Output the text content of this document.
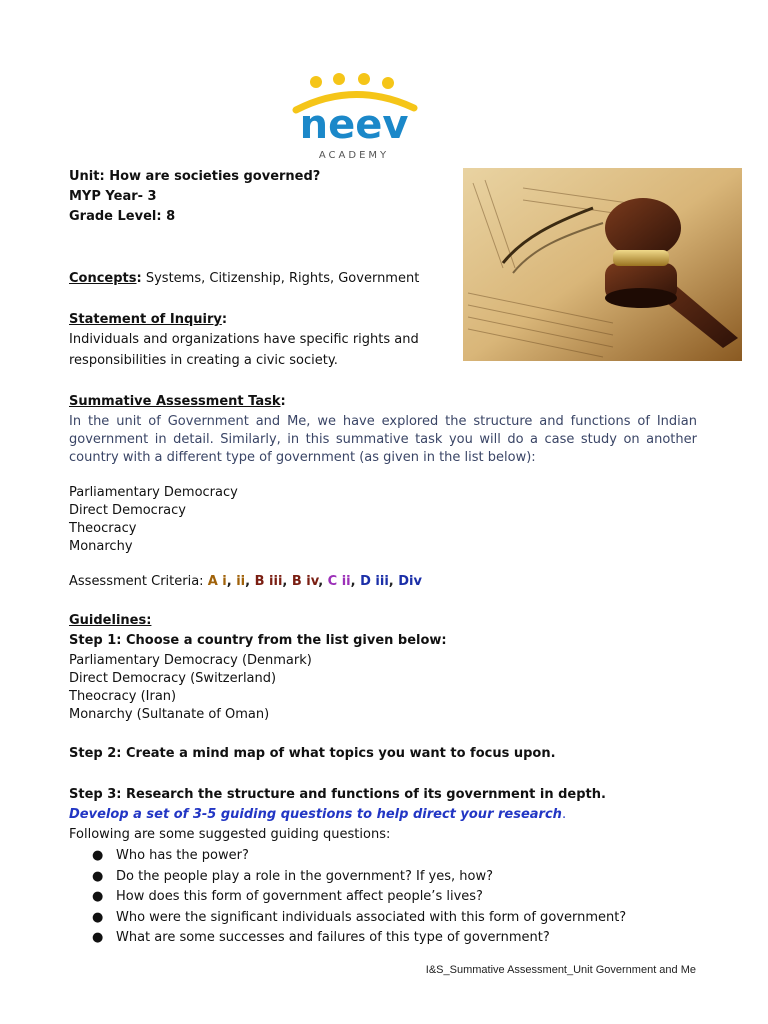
neev
ACADEMY
Unit: How are societies governed?
MYP Year- 3
Grade Level: 8
Concepts: Systems, Citizenship, Rights, Government
Statement of Inquiry:
Individuals and organizations have specific rights and
responsibilities in creating a civic society.
Summative Assessment Task:
In the unit of Government and Me, we have explored the structure and functions of Indian government in detail. Similarly, in this summative task you will do a case study on another country with a different type of government (as given in the list below):
Parliamentary Democracy
Direct Democracy
Theocracy
Monarchy
Assessment Criteria: A i, ii, B iii, B iv, C ii, D iii, Div
Guidelines:
Step 1: Choose a country from the list given below:
Parliamentary Democracy (Denmark)
Direct Democracy (Switzerland)
Theocracy (Iran)
Monarchy (Sultanate of Oman)
Step 2: Create a mind map of what topics you want to focus upon.
Step 3: Research the structure and functions of its government in depth.
Develop a set of 3-5 guiding questions to help direct your research.
Following are some suggested guiding questions:
● Who has the power?
● Do the people play a role in the government? If yes, how?
● How does this form of government affect people’s lives?
● Who were the significant individuals associated with this form of government?
● What are some successes and failures of this type of government?
I&S_Summative Assessment_Unit Government and Me
